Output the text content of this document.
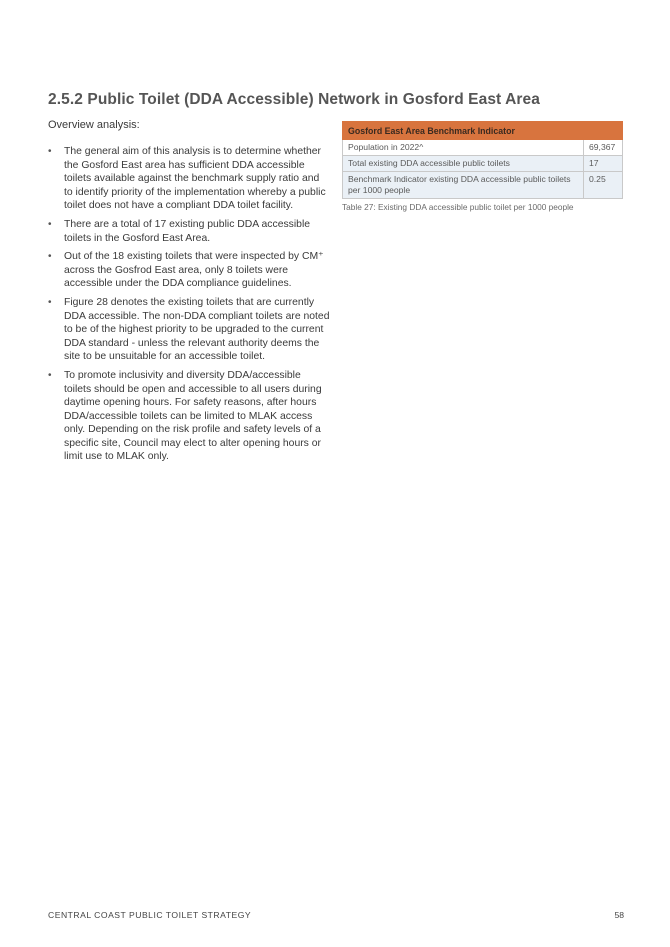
2.5.2 Public Toilet (DDA Accessible) Network in Gosford East Area

Overview analysis:

• The general aim of this analysis is to determine whether the Gosford East area has sufficient DDA accessible toilets available against the benchmark supply ratio and to identify priority of the implementation whereby a public toilet does not have a compliant DDA toilet facility.
• There are a total of 17 existing public DDA accessible toilets in the Gosford East Area.
• Out of the 18 existing toilets that were inspected by CM⁺ across the Gosfrod East area, only 8 toilets were accessible under the DDA compliance guidelines.
• Figure 28 denotes the existing toilets that are currently DDA accessible. The non-DDA compliant toilets are noted to be of the highest priority to be upgraded to the current DDA standard - unless the relevant authority deems the site to be unsuitable for an accessible toilet.
• To promote inclusivity and diversity DDA/accessible toilets should be open and accessible to all users during daytime opening hours. For safety reasons, after hours DDA/accessible toilets can be limited to MLAK access only. Depending on the risk profile and safety levels of a specific site, Council may elect to alter opening hours or limit use to MLAK only.
Gosford East Area Benchmark Indicator	
Population in 2022^	69,367
Total existing DDA accessible public toilets	17
Benchmark Indicator existing DDA accessible public toilets per 1000 people	0.25
Table 27: Existing DDA accessible public toilet per 1000 people
CENTRAL COAST PUBLIC TOILET STRATEGY	58
